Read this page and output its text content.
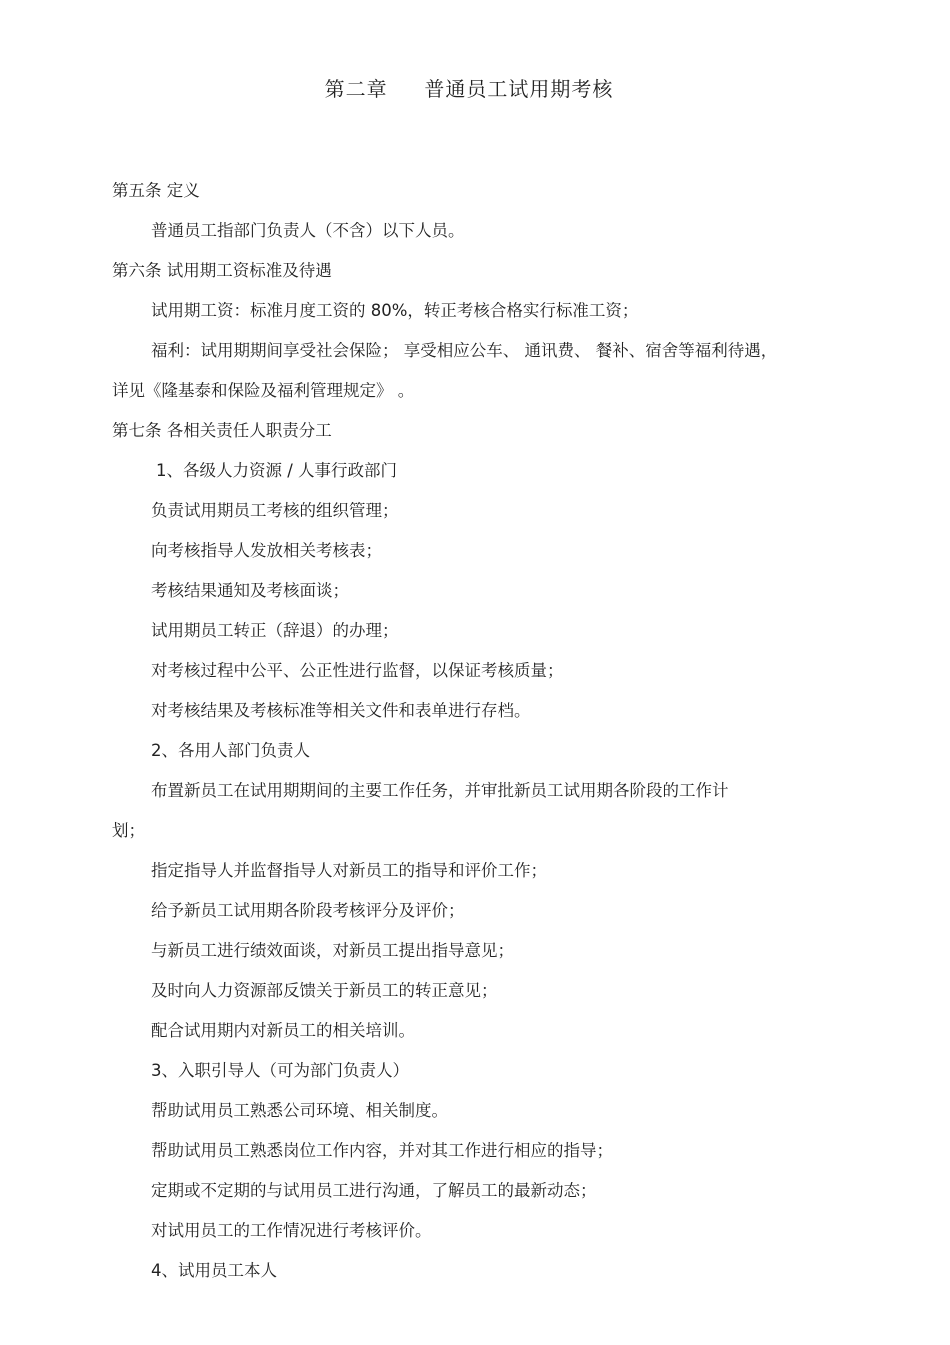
第二章     普通员工试用期考核
第五条 定义
普通员工指部门负责人（不含）以下人员。
第六条 试用期工资标准及待遇
试用期工资：标准月度工资的 80%，转正考核合格实行标准工资；
福利：试用期期间享受社会保险； 享受相应公车、 通讯费、 餐补、宿舍等福利待遇，
详见《隆基泰和保险及福利管理规定》 。
第七条 各相关责任人职责分工
1、各级人力资源 / 人事行政部门
负责试用期员工考核的组织管理；
向考核指导人发放相关考核表；
考核结果通知及考核面谈；
试用期员工转正（辞退）的办理；
对考核过程中公平、公正性进行监督，以保证考核质量；
对考核结果及考核标准等相关文件和表单进行存档。
2、各用人部门负责人
布置新员工在试用期期间的主要工作任务，并审批新员工试用期各阶段的工作计
划；
指定指导人并监督指导人对新员工的指导和评价工作；
给予新员工试用期各阶段考核评分及评价；
与新员工进行绩效面谈，对新员工提出指导意见；
及时向人力资源部反馈关于新员工的转正意见；
配合试用期内对新员工的相关培训。
3、入职引导人（可为部门负责人）
帮助试用员工熟悉公司环境、相关制度。
帮助试用员工熟悉岗位工作内容，并对其工作进行相应的指导；
定期或不定期的与试用员工进行沟通，了解员工的最新动态；
对试用员工的工作情况进行考核评价。
4、试用员工本人
